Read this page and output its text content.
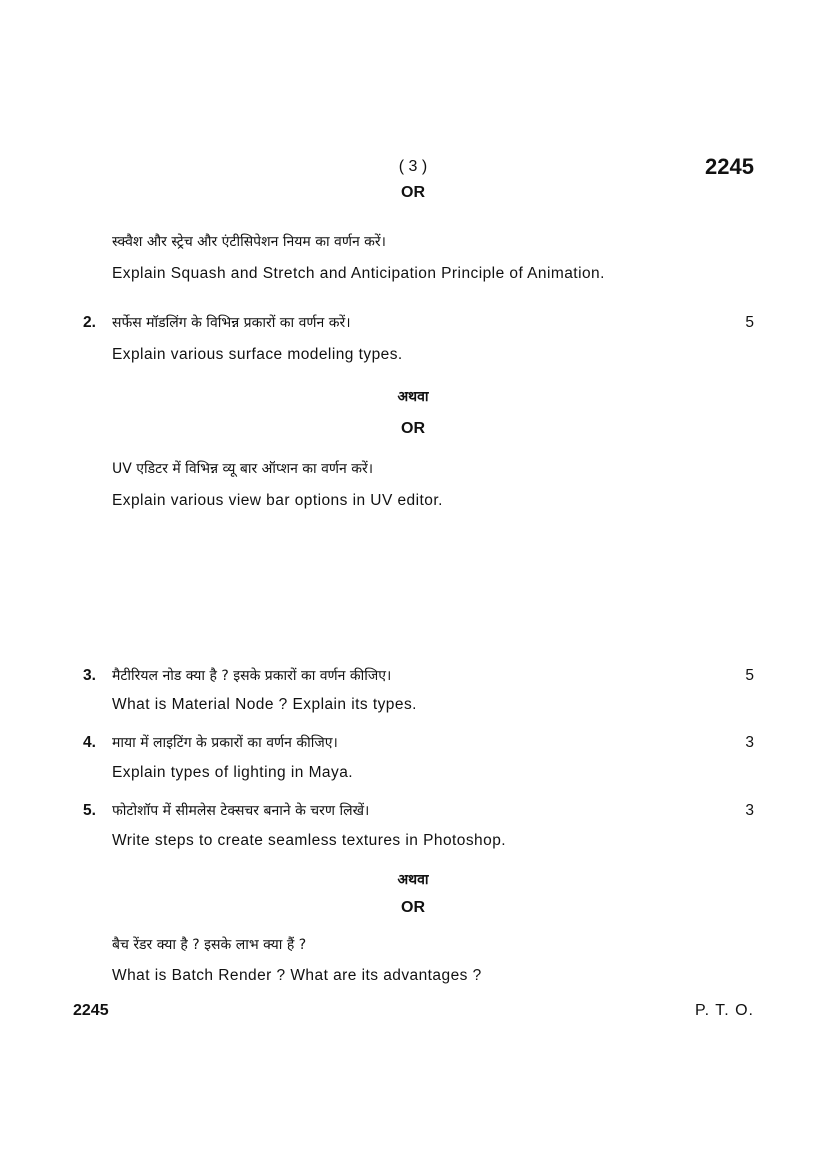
( 3 )	2245
OR
स्क्वैश और स्ट्रेच और एंटीसिपेशन नियम का वर्णन करें।
Explain Squash and Stretch and Anticipation Principle of Animation.
2. सर्फेस मॉडलिंग के विभिन्न प्रकारों का वर्णन करें।	5
Explain various surface modeling types.
अथवा
OR
UV एडिटर में विभिन्न व्यू बार ऑप्शन का वर्णन करें।
Explain various view bar options in UV editor.
3. मैटीरियल नोड क्या है ? इसके प्रकारों का वर्णन कीजिए।	5
What is Material Node ? Explain its types.
4. माया में लाइटिंग के प्रकारों का वर्णन कीजिए।	3
Explain types of lighting in Maya.
5. फोटोशॉप में सीमलेस टेक्सचर बनाने के चरण लिखें।	3
Write steps to create seamless textures in Photoshop.
अथवा
OR
बैच रेंडर क्या है ? इसके लाभ क्या हैं ?
What is Batch Render ? What are its advantages ?
2245	P. T. O.
